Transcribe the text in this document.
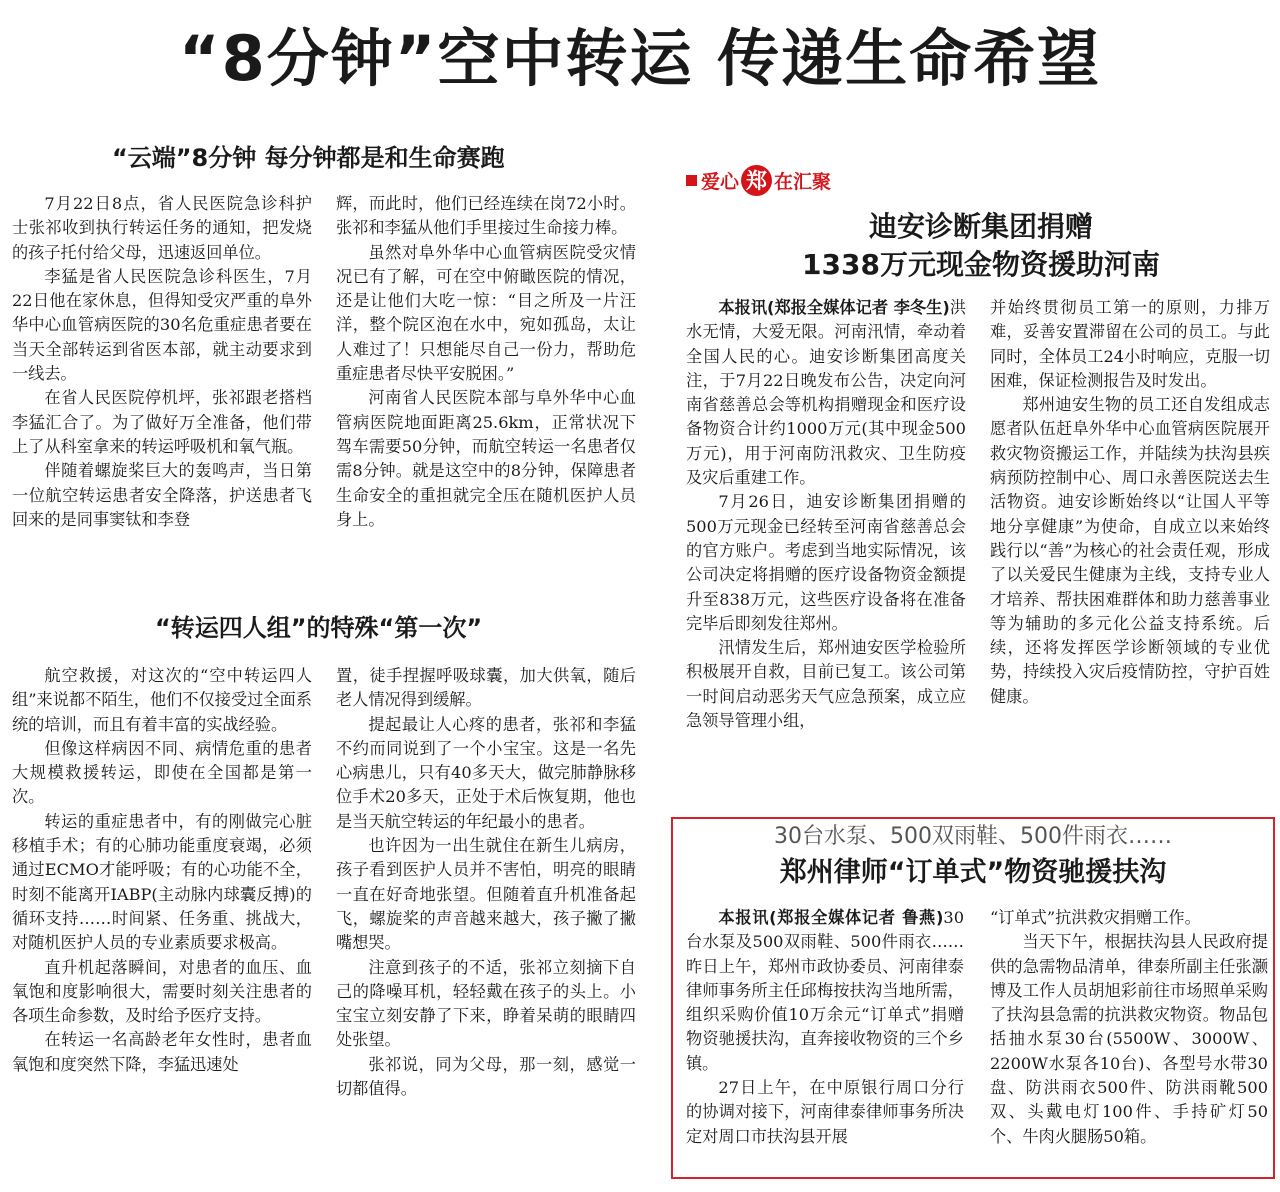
“8分钟”空中转运 传递生命希望
“云端”8分钟 每分钟都是和生命赛跑

7月22日8点，省人民医院急诊科护士张祁收到执行转运任务的通知，把发烧的孩子托付给父母，迅速返回单位。

李猛是省人民医院急诊科医生，7月22日他在家休息，但得知受灾严重的阜外华中心血管病医院的30名危重症患者要在当天全部转运到省医本部，就主动要求到一线去。

在省人民医院停机坪，张祁跟老搭档李猛汇合了。为了做好万全准备，他们带上了从科室拿来的转运呼吸机和氧气瓶。

伴随着螺旋桨巨大的轰鸣声，当日第一位航空转运患者安全降落，护送患者飞回来的是同事窦钛和李登

辉，而此时，他们已经连续在岗72小时。张祁和李猛从他们手里接过生命接力棒。

虽然对阜外华中心血管病医院受灾情况已有了解，可在空中俯瞰医院的情况，还是让他们大吃一惊：“目之所及一片汪洋，整个院区泡在水中，宛如孤岛，太让人难过了！只想能尽自己一份力，帮助危重症患者尽快平安脱困。”

河南省人民医院本部与阜外华中心血管病医院地面距离25.6km，正常状况下驾车需要50分钟，而航空转运一名患者仅需8分钟。就是这空中的8分钟，保障患者生命安全的重担就完全压在随机医护人员身上。

“转运四人组”的特殊“第一次”

航空救援，对这次的“空中转运四人组”来说都不陌生，他们不仅接受过全面系统的培训，而且有着丰富的实战经验。

但像这样病因不同、病情危重的患者大规模救援转运，即使在全国都是第一次。

转运的重症患者中，有的刚做完心脏移植手术；有的心肺功能重度衰竭，必须通过ECMO才能呼吸；有的心功能不全，时刻不能离开IABP(主动脉内球囊反搏)的循环支持……时间紧、任务重、挑战大，对随机医护人员的专业素质要求极高。

直升机起落瞬间，对患者的血压、血氧饱和度影响很大，需要时刻关注患者的各项生命参数，及时给予医疗支持。

在转运一名高龄老年女性时，患者血氧饱和度突然下降，李猛迅速处

置，徒手捏握呼吸球囊，加大供氧，随后老人情况得到缓解。

提起最让人心疼的患者，张祁和李猛不约而同说到了一个小宝宝。这是一名先心病患儿，只有40多天大，做完肺静脉移位手术20多天，正处于术后恢复期，他也是当天航空转运的年纪最小的患者。

也许因为一出生就住在新生儿病房，孩子看到医护人员并不害怕，明亮的眼睛一直在好奇地张望。但随着直升机准备起飞，螺旋桨的声音越来越大，孩子撇了撇嘴想哭。

注意到孩子的不适，张祁立刻摘下自己的降噪耳机，轻轻戴在孩子的头上。小宝宝立刻安静了下来，睁着呆萌的眼睛四处张望。

张祁说，同为父母，那一刻，感觉一切都值得。

爱心 郑 在汇聚
迪安诊断集团捐赠
1338万元现金物资援助河南

本报讯(郑报全媒体记者 李冬生)洪水无情，大爱无限。河南汛情，牵动着全国人民的心。迪安诊断集团高度关注，于7月22日晚发布公告，决定向河南省慈善总会等机构捐赠现金和医疗设备物资合计约1000万元(其中现金500万元)，用于河南防汛救灾、卫生防疫及灾后重建工作。

7月26日，迪安诊断集团捐赠的500万元现金已经转至河南省慈善总会的官方账户。考虑到当地实际情况，该公司决定将捐赠的医疗设备物资金额提升至838万元，这些医疗设备将在准备完毕后即刻发往郑州。

汛情发生后，郑州迪安医学检验所积极展开自救，目前已复工。该公司第一时间启动恶劣天气应急预案，成立应急领导管理小组，

并始终贯彻员工第一的原则，力排万难，妥善安置滞留在公司的员工。与此同时，全体员工24小时响应，克服一切困难，保证检测报告及时发出。

郑州迪安生物的员工还自发组成志愿者队伍赶阜外华中心血管病医院展开救灾物资搬运工作，并陆续为扶沟县疾病预防控制中心、周口永善医院送去生活物资。迪安诊断始终以“让国人平等地分享健康”为使命，自成立以来始终践行以“善”为核心的社会责任观，形成了以关爱民生健康为主线，支持专业人才培养、帮扶困难群体和助力慈善事业等为辅助的多元化公益支持系统。后续，还将发挥医学诊断领域的专业优势，持续投入灾后疫情防控，守护百姓健康。

30台水泵、500双雨鞋、500件雨衣……
郑州律师“订单式”物资驰援扶沟

本报讯(郑报全媒体记者 鲁燕)30台水泵及500双雨鞋、500件雨衣……昨日上午，郑州市政协委员、河南律泰律师事务所主任邱梅按扶沟当地所需，组织采购价值10万余元“订单式”捐赠物资驰援扶沟，直奔接收物资的三个乡镇。

27日上午，在中原银行周口分行的协调对接下，河南律泰律师事务所决定对周口市扶沟县开展

“订单式”抗洪救灾捐赠工作。

当天下午，根据扶沟县人民政府提供的急需物品清单，律泰所副主任张灏博及工作人员胡旭彩前往市场照单采购了扶沟县急需的抗洪救灾物资。物品包括抽水泵30台(5500W、3000W、2200W水泵各10台)、各型号水带30盘、防洪雨衣500件、防洪雨靴500双、头戴电灯100件、手持矿灯50个、牛肉火腿肠50箱。
